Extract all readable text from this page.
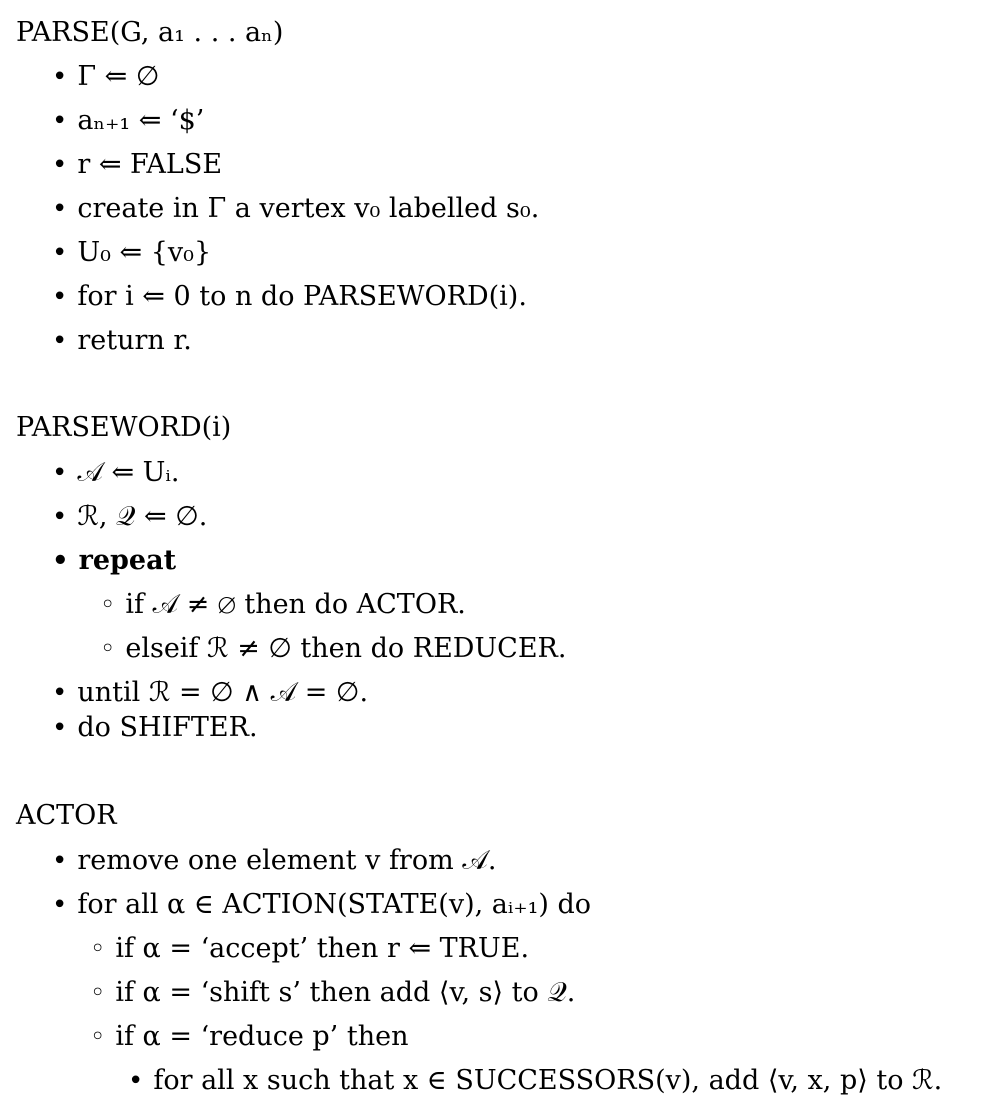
PARSE(G, a₁ . . . aₙ)
• Γ ⇐ ∅
• aₙ₊₁ ⇐ ‘$’
• r ⇐ FALSE
• create in Γ a vertex v₀ labelled s₀.
• U₀ ⇐ {v₀}
• for i ⇐ 0 to n do PARSEWORD(i).
• return r.
PARSEWORD(i)
• 𝒜 ⇐ Uᵢ.
• ℛ, 𝒬 ⇐ ∅.
• repeat
◦ if 𝒜 ≠ ∅ then do ACTOR.
◦ elseif ℛ ≠ ∅ then do REDUCER.
• until ℛ = ∅ ∧ 𝒜 = ∅.
• do SHIFTER.
ACTOR
• remove one element v from 𝒜.
• for all α ∈ ACTION(STATE(v), aᵢ₊₁) do
◦ if α = ‘accept’ then r ⇐ TRUE.
◦ if α = ‘shift s’ then add ⟨v, s⟩ to 𝒬.
◦ if α = ‘reduce p’ then
• for all x such that x ∈ SUCCESSORS(v), add ⟨v, x, p⟩ to ℛ.
